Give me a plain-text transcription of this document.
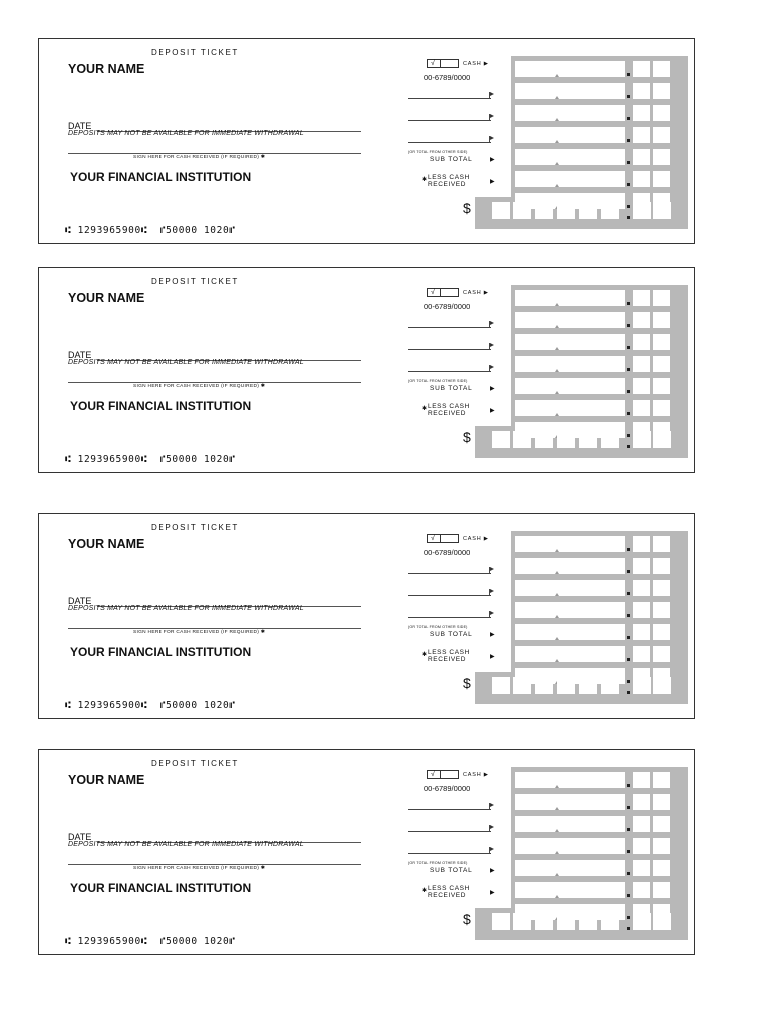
DEPOSIT TICKET
YOUR NAME
DATE
DEPOSITS MAY NOT BE AVAILABLE FOR IMMEDIATE WITHDRAWAL
SIGN HERE FOR CASH RECEIVED (IF REQUIRED) ✱
YOUR FINANCIAL INSTITUTION
⑆ 1293965900⑆ ⑈50000 1020⑈
√	CASH ▶
00-6789/0000
(OR TOTAL FROM OTHER SIDE)
SUB TOTAL	▶
✱ LESS CASH
RECEIVED	▶
$
DEPOSIT TICKET
YOUR NAME
DATE
DEPOSITS MAY NOT BE AVAILABLE FOR IMMEDIATE WITHDRAWAL
SIGN HERE FOR CASH RECEIVED (IF REQUIRED) ✱
YOUR FINANCIAL INSTITUTION
⑆ 1293965900⑆ ⑈50000 1020⑈
√	CASH ▶
00-6789/0000
(OR TOTAL FROM OTHER SIDE)
SUB TOTAL	▶
✱ LESS CASH
RECEIVED	▶
$
DEPOSIT TICKET
YOUR NAME
DATE
DEPOSITS MAY NOT BE AVAILABLE FOR IMMEDIATE WITHDRAWAL
SIGN HERE FOR CASH RECEIVED (IF REQUIRED) ✱
YOUR FINANCIAL INSTITUTION
⑆ 1293965900⑆ ⑈50000 1020⑈
√	CASH ▶
00-6789/0000
(OR TOTAL FROM OTHER SIDE)
SUB TOTAL	▶
✱ LESS CASH
RECEIVED	▶
$
DEPOSIT TICKET
YOUR NAME
DATE
DEPOSITS MAY NOT BE AVAILABLE FOR IMMEDIATE WITHDRAWAL
SIGN HERE FOR CASH RECEIVED (IF REQUIRED) ✱
YOUR FINANCIAL INSTITUTION
⑆ 1293965900⑆ ⑈50000 1020⑈
√	CASH ▶
00-6789/0000
(OR TOTAL FROM OTHER SIDE)
SUB TOTAL	▶
✱ LESS CASH
RECEIVED	▶
$
